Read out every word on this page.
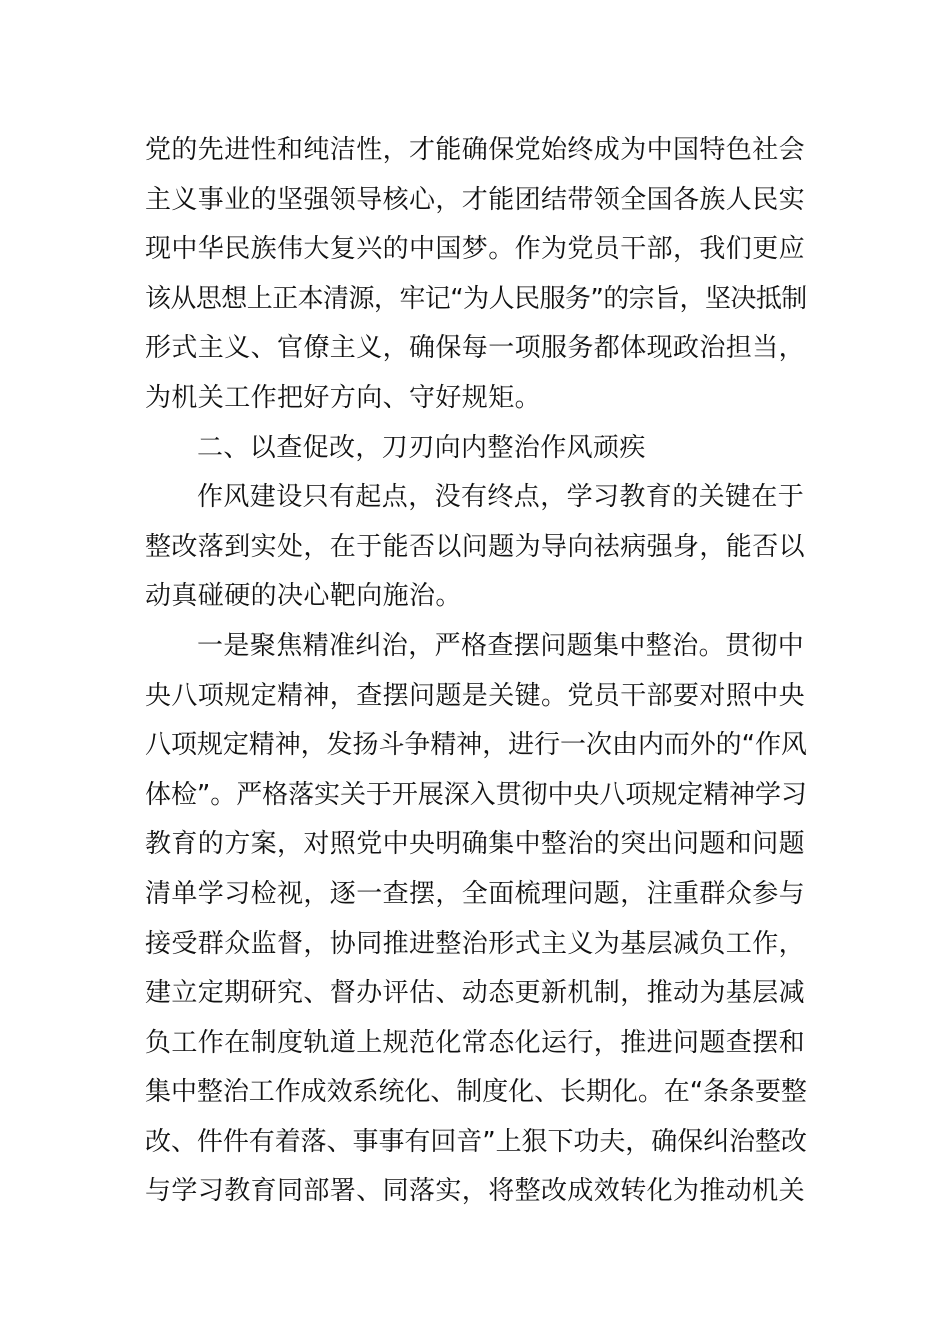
党的先进性和纯洁性，才能确保党始终成为中国特色社会
主义事业的坚强领导核心，才能团结带领全国各族人民实
现中华民族伟大复兴的中国梦。作为党员干部，我们更应
该从思想上正本清源，牢记“为人民服务”的宗旨，坚决抵制
形式主义、官僚主义，确保每一项服务都体现政治担当，
为机关工作把好方向、守好规矩。
二、以查促改，刀刃向内整治作风顽疾
作风建设只有起点，没有终点，学习教育的关键在于
整改落到实处，在于能否以问题为导向祛病强身，能否以
动真碰硬的决心靶向施治。
一是聚焦精准纠治，严格查摆问题集中整治。贯彻中
央八项规定精神，查摆问题是关键。党员干部要对照中央
八项规定精神，发扬斗争精神，进行一次由内而外的“作风
体检”。严格落实关于开展深入贯彻中央八项规定精神学习
教育的方案，对照党中央明确集中整治的突出问题和问题
清单学习检视，逐一查摆，全面梳理问题，注重群众参与
接受群众监督，协同推进整治形式主义为基层减负工作，
建立定期研究、督办评估、动态更新机制，推动为基层减
负工作在制度轨道上规范化常态化运行，推进问题查摆和
集中整治工作成效系统化、制度化、长期化。在“条条要整
改、件件有着落、事事有回音”上狠下功夫，确保纠治整改
与学习教育同部署、同落实，将整改成效转化为推动机关
